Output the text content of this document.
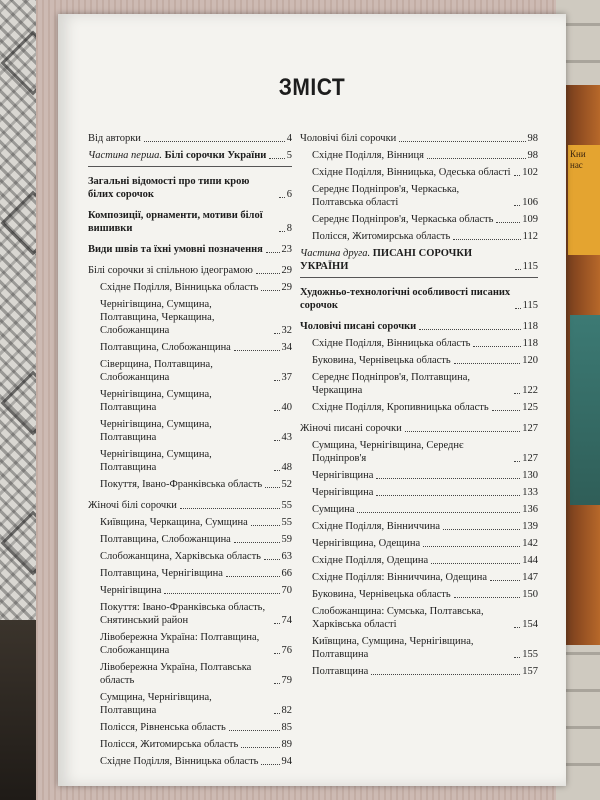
Кни нас
ЗМІСТ
Від авторки	4
Частина перша. Білі сорочки України 5
Загальні відомості про типи крою білих сорочок	6
Композиції, орнаменти, мотиви білої вишивки	8
Види швів та їхні умовні позначення 23
Білі сорочки зі спільною ідеограмою	29
Східне Поділля, Вінницька область 29
Чернігівщина, Сумщина, Полтавщина, Черкащина, Слобожанщина	32
Полтавщина, Слобожанщина	34
Сіверщина, Полтавщина, Слобожанщина	37
Чернігівщина, Сумщина, Полтавщина	40
Чернігівщина, Сумщина, Полтавщина	43
Чернігівщина, Сумщина, Полтавщина	48
Покуття, Івано-Франківська область 52
Жіночі білі сорочки	55
Київщина, Черкащина, Сумщина	55
Полтавщина, Слобожанщина	59
Слобожанщина, Харківська область 63
Полтавщина, Чернігівщина	66
Чернігівщина	70
Покуття: Івано-Франківська область, Снятинський район	74
Лівобережна Україна: Полтавщина, Слобожанщина	76
Лівобережна Україна, Полтавська область	79
Сумщина, Чернігівщина, Полтавщина	82
Полісся, Рівненська область	85
Полісся, Житомирська область	89
Східне Поділля, Вінницька область 94
Чоловічі білі сорочки	98
Східне Поділля, Вінниця	98
Східне Поділля, Вінницька, Одеська області 102
Середнє Подніпров'я, Черкаська, Полтавська області	106
Середнє Подніпров'я, Черкаська область	109
Полісся, Житомирська область	112
Частина друга. ПИСАНІ СОРОЧКИ УКРАЇНИ	115
Художньо-технологічні особливості писаних сорочок	115
Чоловічі писані сорочки	118
Східне Поділля, Вінницька область	118
Буковина, Чернівецька область	120
Середнє Подніпров'я, Полтавщина, Черкащина	122
Східне Поділля, Кропивницька область	125
Жіночі писані сорочки	127
Сумщина, Чернігівщина, Середнє Подніпров'я	127
Чернігівщина	130
Чернігівщина	133
Сумщина	136
Східне Поділля, Вінниччина	139
Чернігівщина, Одещина	142
Східне Поділля, Одещина	144
Східне Поділля: Вінниччина, Одещина	147
Буковина, Чернівецька область	150
Слобожанщина: Сумська, Полтавська, Харківська області	154
Київщина, Сумщина, Чернігівщина, Полтавщина	155
Полтавщина	157
